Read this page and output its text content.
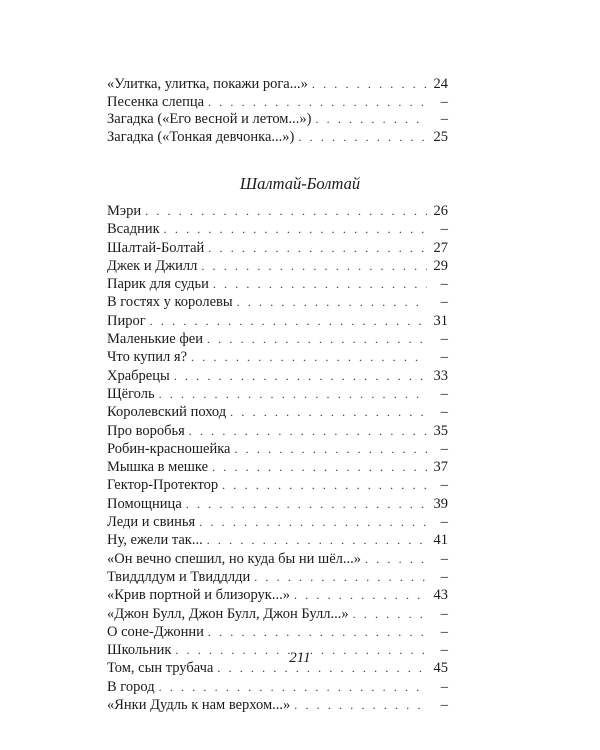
«Улитка, улитка, покажи рога...» . . .	24
Песенка слепца . . .	–
Загадка («Его весной и летом...») . . .	–
Загадка («Тонкая девчонка...») . . .	25
Шалтай-Болтай
Мэри . . .	26
Всадник . . .	–
Шалтай-Болтай . . .	27
Джек и Джилл . . .	29
Парик для судьи . . .	–
В гостях у королевы . . .	–
Пирог . . .	31
Маленькие феи . . .	–
Что купил я? . . .	–
Храбрецы . . .	33
Щёголь . . .	–
Королевский поход . . .	–
Про воробья . . .	35
Робин-красношейка . . .	–
Мышка в мешке . . .	37
Гектор-Протектор . . .	–
Помощница . . .	39
Леди и свинья . . .	–
Ну, ежели так... . . .	41
«Он вечно спешил, но куда бы ни шёл...» . . .	–
Твиддлдум и Твиддлди . . .	–
«Крив портной и близорук...» . . .	43
«Джон Булл, Джон Булл, Джон Булл...» . . .	–
О соне-Джонни . . .	–
Школьник . . .	–
Том, сын трубача . . .	45
В город . . .	–
«Янки Дудль к нам верхом...» . . .	–
211
